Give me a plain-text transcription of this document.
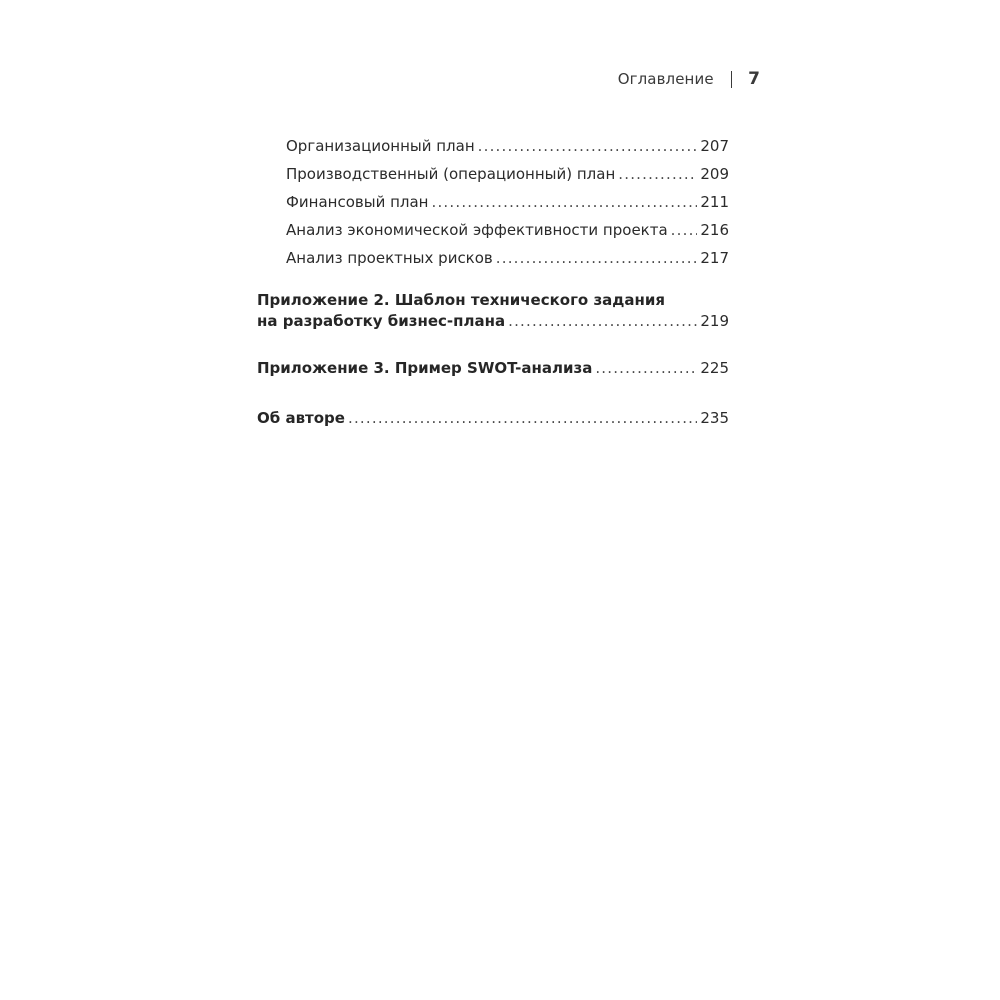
Оглавление 7
Организационный план .....	207
Производственный (операционный) план .....	209
Финансовый план .....	211
Анализ экономической эффективности проекта ..... 216
Анализ проектных рисков .....	217
Приложение 2. Шаблон технического задания
на разработку бизнес-плана .....	219
Приложение 3. Пример SWOT-анализа .....	225
Об авторе .....	235
